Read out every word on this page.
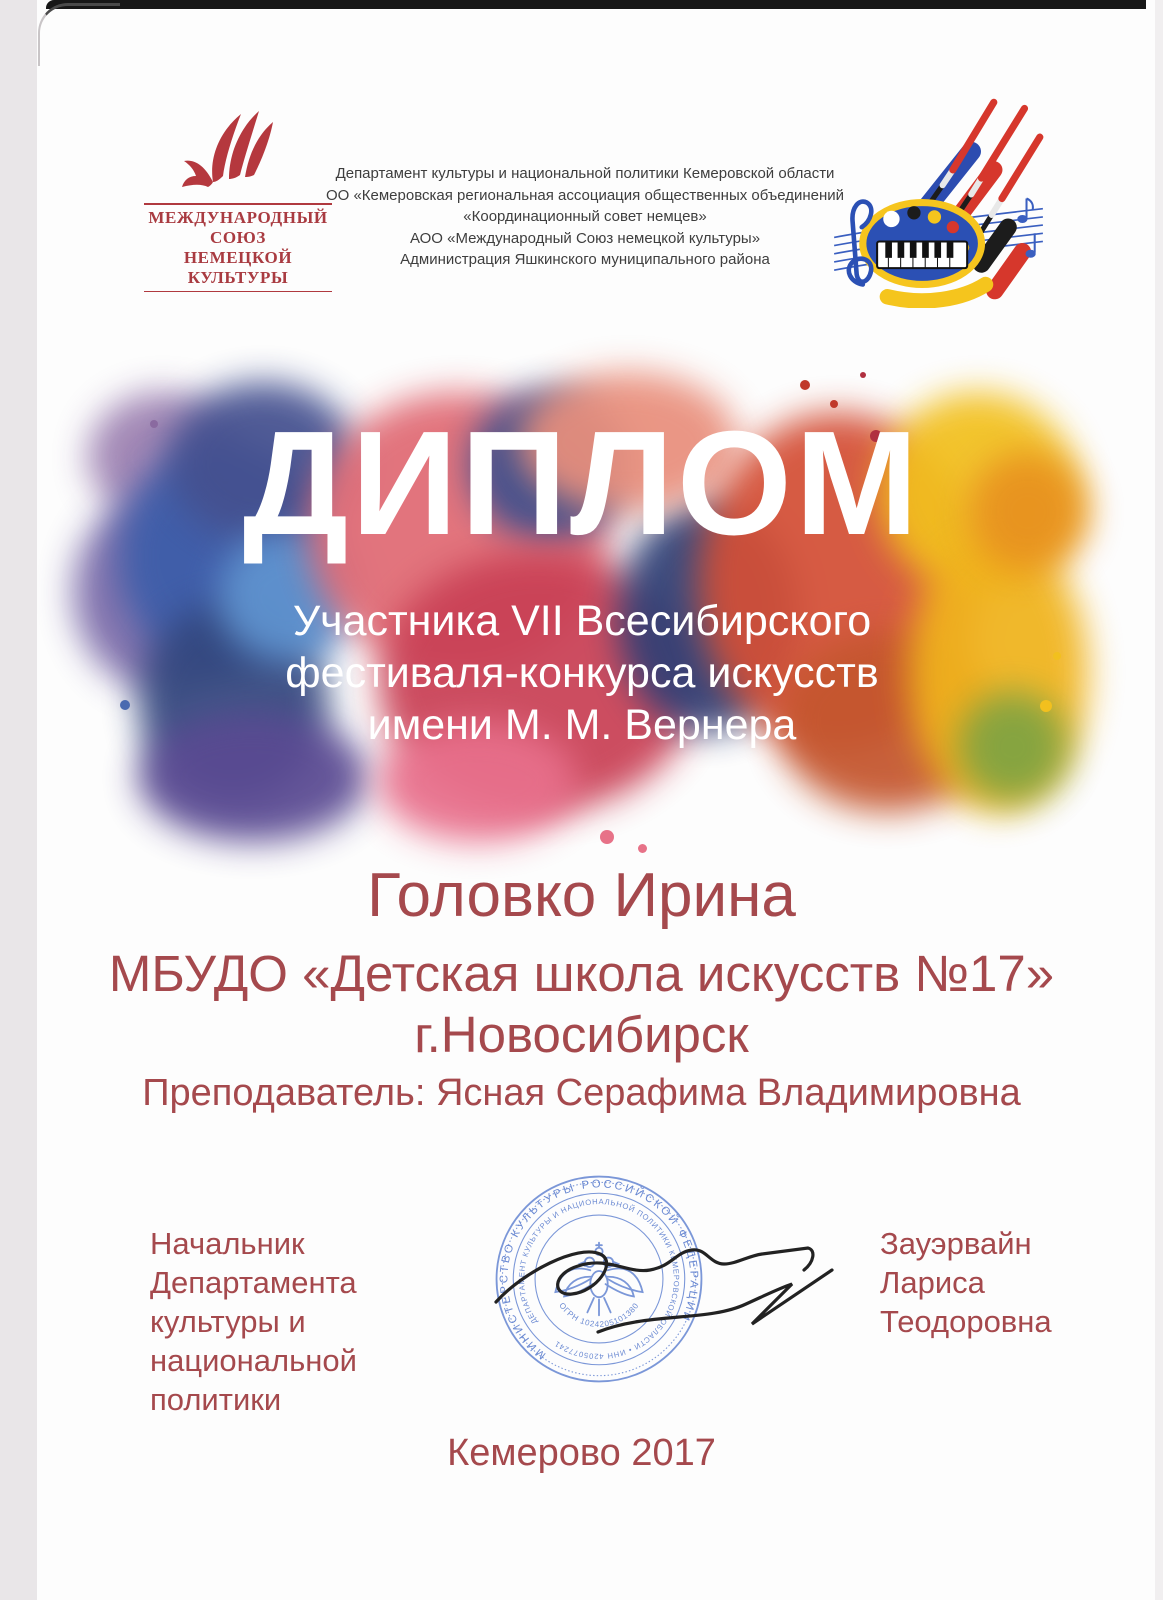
МЕЖДУНАРОДНЫЙ
СОЮЗ
НЕМЕЦКОЙ
КУЛЬТУРЫ
Департамент культуры и национальной политики Кемеровской области
ОО «Кемеровская региональная ассоциация общественных объединений
«Координационный совет немцев»
АОО «Международный Союз немецкой культуры»
Администрация Яшкинского муниципального района
ДИПЛОМ
Участника VII Всесибирского
фестиваля-конкурса искусств
имени М. М. Вернера
Головко Ирина
МБУДО «Детская школа искусств №17»
г.Новосибирск
Преподаватель: Ясная Серафима Владимировна
Начальник Департамента
культуры и национальной
политики
МИНИСТЕРСТВО КУЛЬТУРЫ РОССИЙСКОЙ ФЕДЕРАЦИИ
ДЕПАРТАМЕНТ КУЛЬТУРЫ И НАЦИОНАЛЬНОЙ ПОЛИТИКИ КЕМЕРОВСКОЙ ОБЛАСТИ • ИНН 4205077241
ОГРН 1024205101380
Зауэрвайн
Лариса
Теодоровна
Кемерово 2017
